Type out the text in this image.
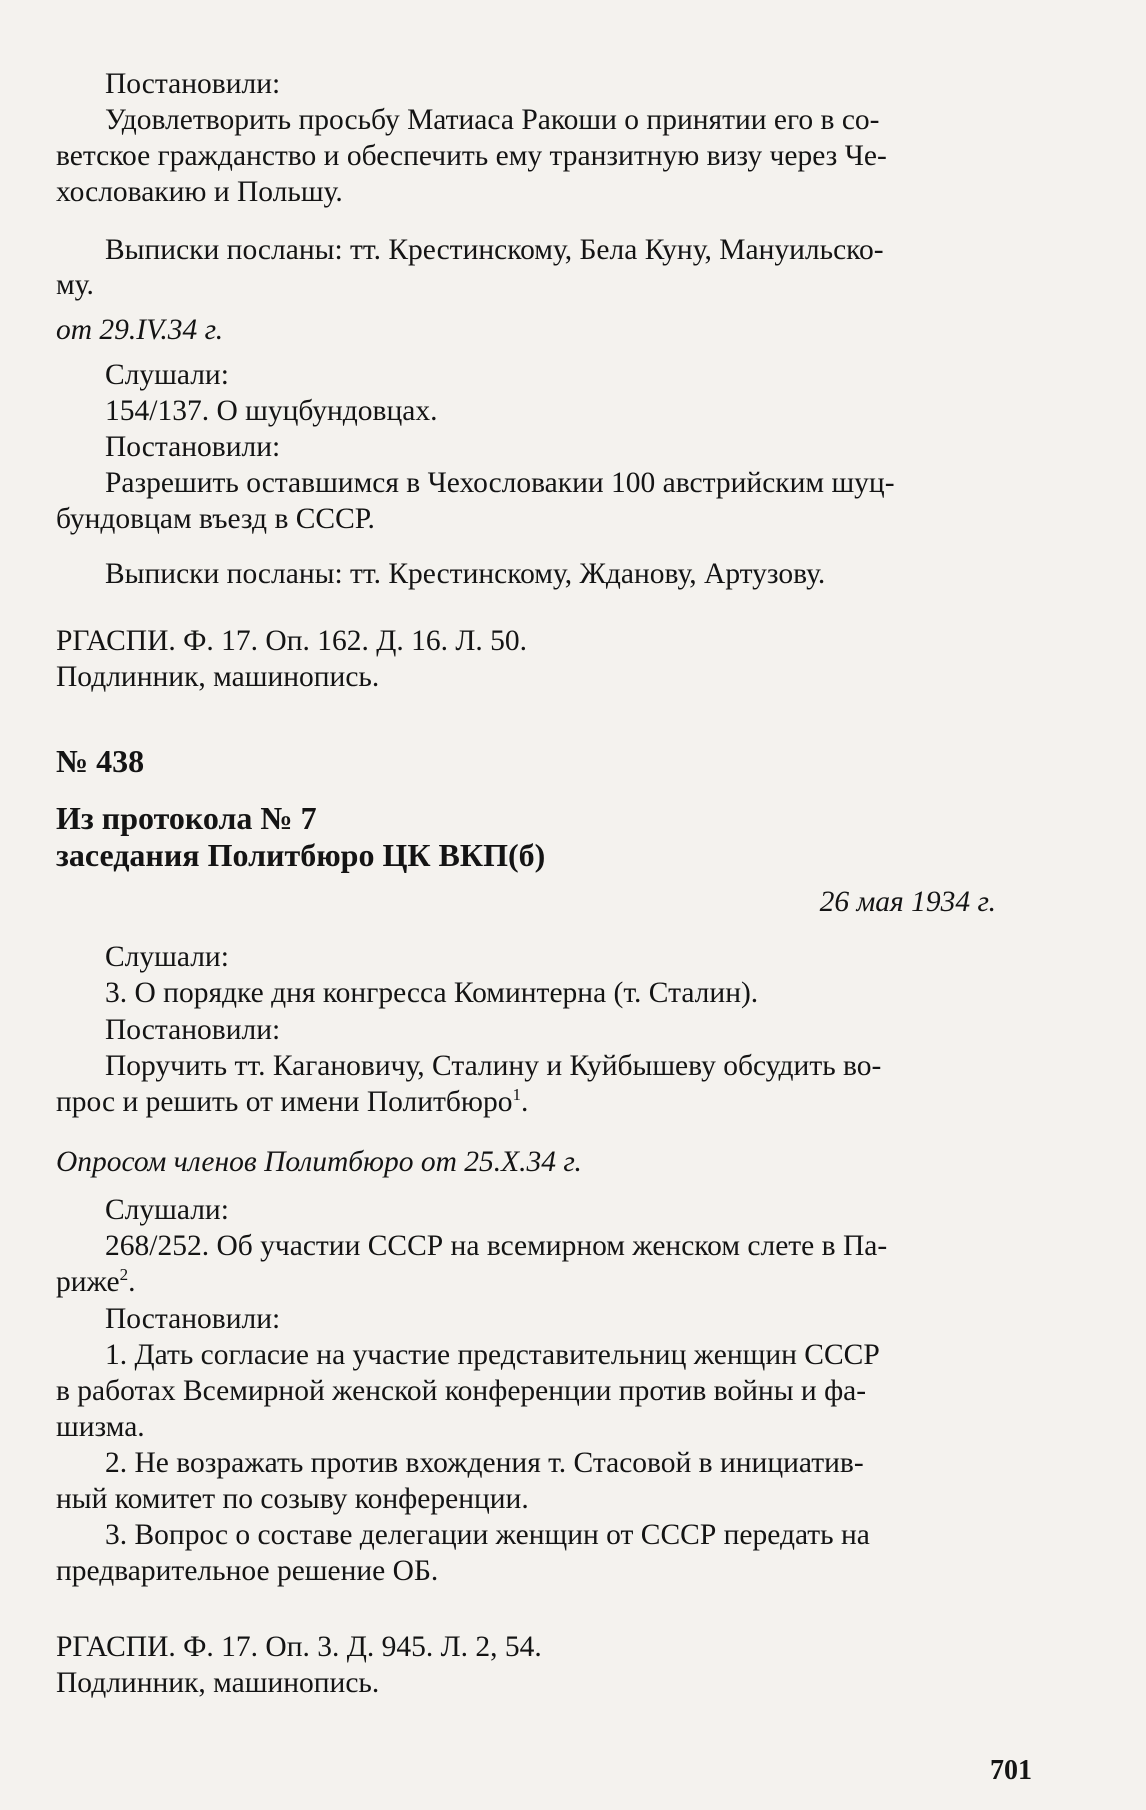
Постановили:
Удовлетворить просьбу Матиаса Ракоши о принятии его в со-
ветское гражданство и обеспечить ему транзитную визу через Че-
хословакию и Польшу.
Выписки посланы: тт. Крестинскому, Бела Куну, Мануильско-
му.
от 29.IV.34 г.
Слушали:
154/137. О шуцбундовцах.
Постановили:
Разрешить оставшимся в Чехословакии 100 австрийским шуц-
бундовцам въезд в СССР.
Выписки посланы: тт. Крестинскому, Жданову, Артузову.
РГАСПИ. Ф. 17. Оп. 162. Д. 16. Л. 50.
Подлинник, машинопись.
№ 438
Из протокола № 7
заседания Политбюро ЦК ВКП(б)
26 мая 1934 г.
Слушали:
3. О порядке дня конгресса Коминтерна (т. Сталин).
Постановили:
Поручить тт. Кагановичу, Сталину и Куйбышеву обсудить во-
прос и решить от имени Политбюро$^1$.
Опросом членов Политбюро от 25.X.34 г.
Слушали:
268/252. Об участии СССР на всемирном женском слете в Па-
риже$^2$.
Постановили:
1. Дать согласие на участие представительниц женщин СССР
в работах Всемирной женской конференции против войны и фа-
шизма.
2. Не возражать против вхождения т. Стасовой в инициатив-
ный комитет по созыву конференции.
3. Вопрос о составе делегации женщин от СССР передать на
предварительное решение ОБ.
РГАСПИ. Ф. 17. Оп. 3. Д. 945. Л. 2, 54.
Подлинник, машинопись.
701
